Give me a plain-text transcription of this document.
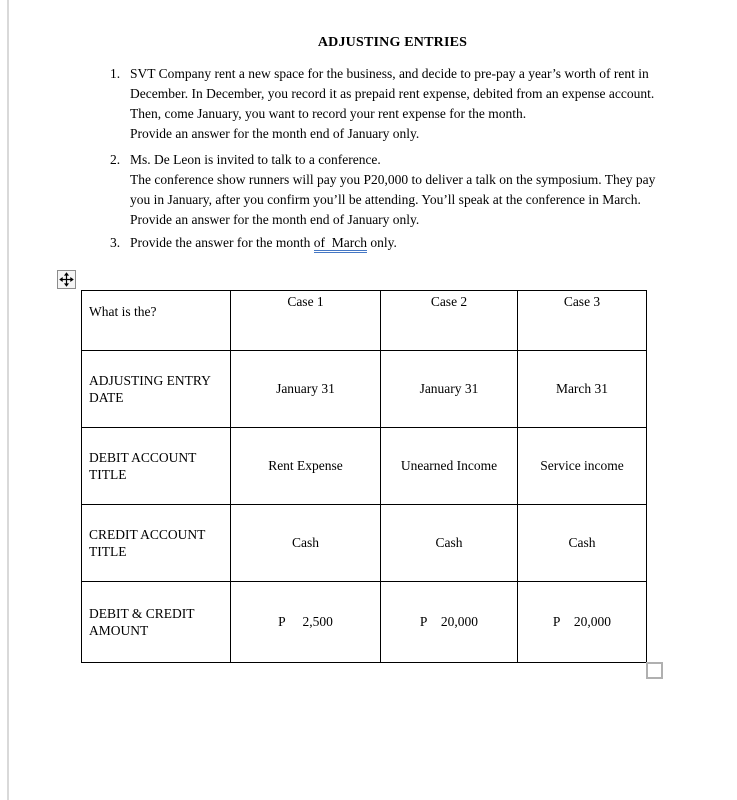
ADJUSTING ENTRIES
1. SVT Company rent a new space for the business, and decide to pre-pay a year’s worth of rent in
December. In December, you record it as prepaid rent expense, debited from an expense account.
Then, come January, you want to record your rent expense for the month.
Provide an answer for the month end of January only.
2. Ms. De Leon is invited to talk to a conference.
The conference show runners will pay you P20,000 to deliver a talk on the symposium. They pay
you in January, after you confirm you’ll be attending. You’ll speak at the conference in March.
Provide an answer for the month end of January only.
3. Provide the answer for the month of  March only.
What is the?	Case 1	Case 2	Case 3

ADJUSTING ENTRY
DATE	January 31	January 31	March 31

DEBIT ACCOUNT
TITLE	Rent Expense	Unearned Income	Service income

CREDIT ACCOUNT
TITLE	Cash	Cash	Cash

DEBIT & CREDIT
AMOUNT	P  2,500	P 20,000	P 20,000
